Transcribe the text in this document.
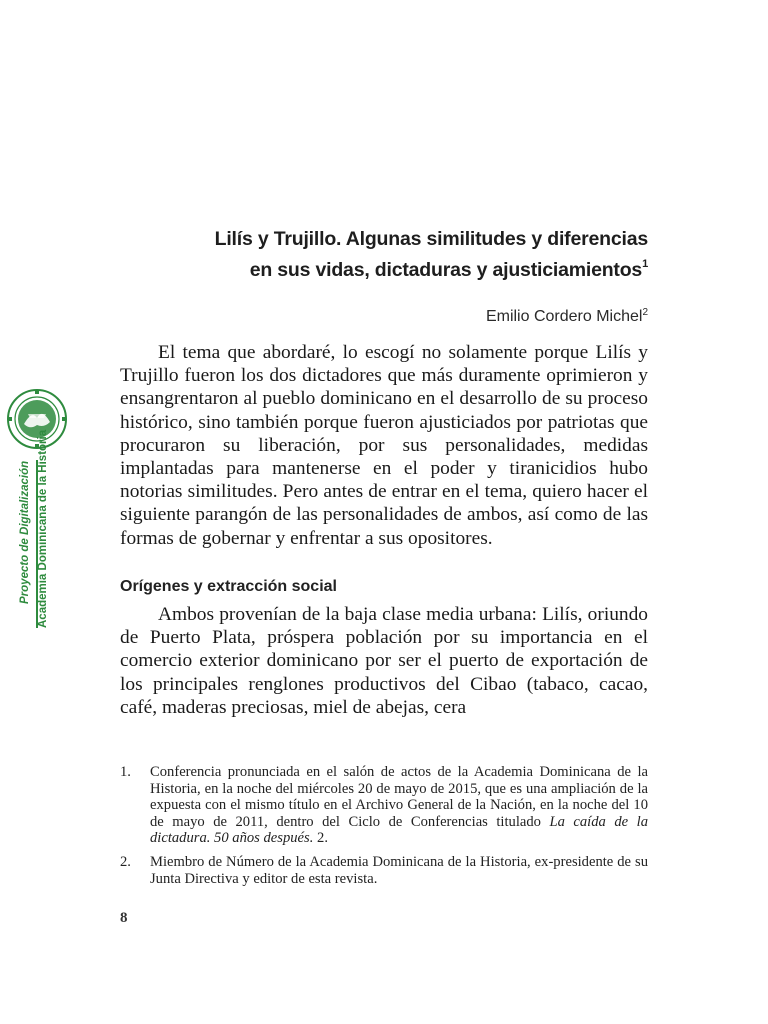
Proyecto de Digitalización Academia Dominicana de la Historia
Lilís y Trujillo. Algunas similitudes y diferencias
en sus vidas, dictaduras y ajusticiamientos$^1$
Emilio Cordero Michel$^2$

El tema que abordaré, lo escogí no solamente porque Lilís y Trujillo fueron los dos dictadores que más duramente oprimieron y ensangrentaron al pueblo dominicano en el desarrollo de su proceso histórico, sino también porque fueron ajusticiados por patriotas que procuraron su liberación, por sus personalidades, medidas implantadas para mantenerse en el poder y tiranicidios hubo notorias similitudes. Pero antes de entrar en el tema, quiero hacer el siguiente parangón de las personalidades de ambos, así como de las formas de gobernar y enfrentar a sus opositores.

Orígenes y extracción social

Ambos provenían de la baja clase media urbana: Lilís, oriundo de Puerto Plata, próspera población por su importancia en el comercio exterior dominicano por ser el puerto de exportación de los principales renglones productivos del Cibao (tabaco, cacao, café, maderas preciosas, miel de abejas, cera

1. Conferencia pronunciada en el salón de actos de la Academia Dominicana de la Historia, en la noche del miércoles 20 de mayo de 2015, que es una ampliación de la expuesta con el mismo título en el Archivo General de la Nación, en la noche del 10 de mayo de 2011, dentro del Ciclo de Conferencias titulado La caída de la dictadura. 50 años después. 2.
2. Miembro de Número de la Academia Dominicana de la Historia, ex-presidente de su Junta Directiva y editor de esta revista.
8
